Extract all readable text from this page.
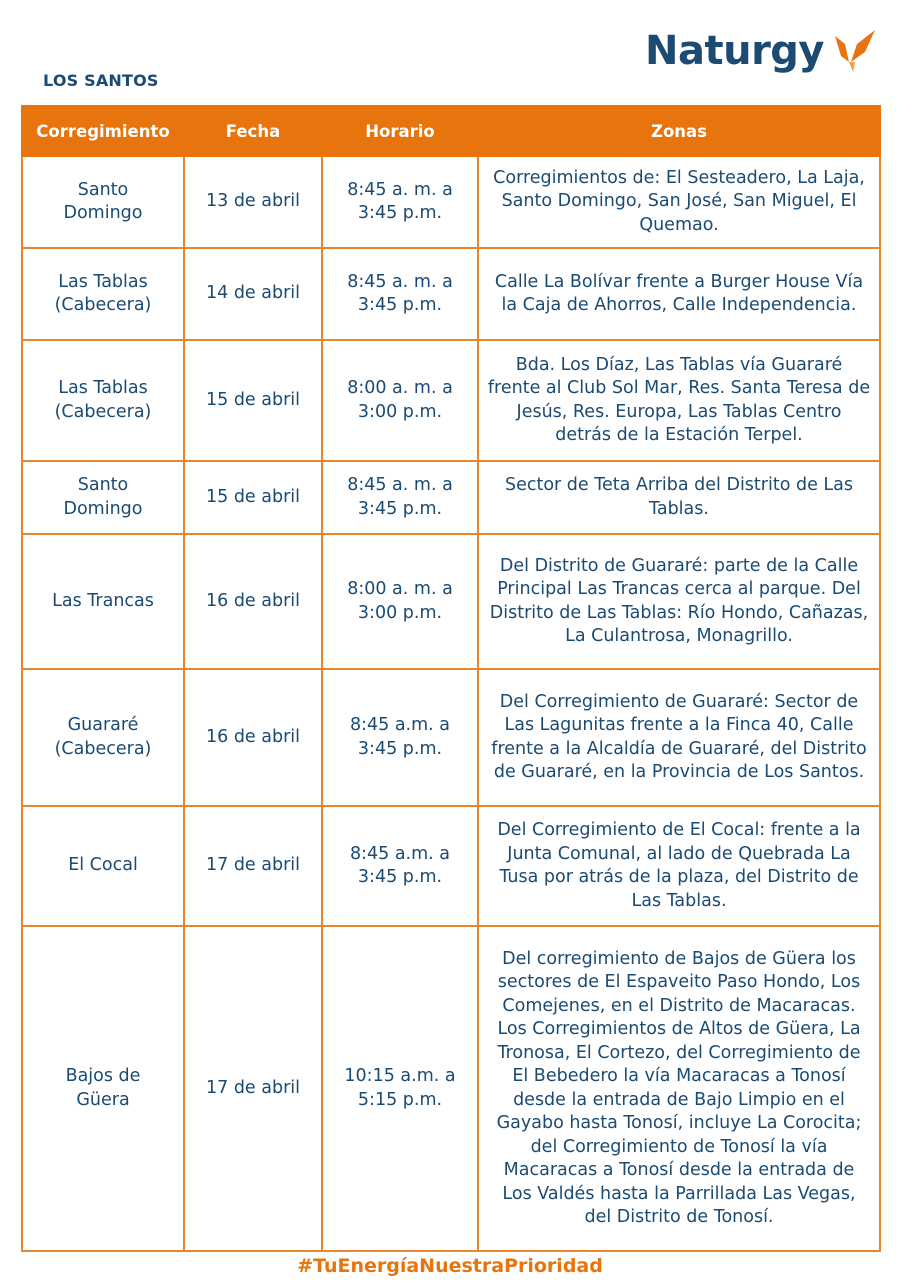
LOS SANTOS
Naturgy
Corregimiento	Fecha	Horario	Zonas
Santo Domingo	13 de abril	8:45 a. m. a 3:45 p.m.	Corregimientos de: El Sesteadero, La Laja, Santo Domingo, San José, San Miguel, El Quemao.
Las Tablas (Cabecera)	14 de abril	8:45 a. m. a 3:45 p.m.	Calle La Bolívar frente a Burger House Vía la Caja de Ahorros, Calle Independencia.
Las Tablas (Cabecera)	15 de abril	8:00 a. m. a 3:00 p.m.	Bda. Los Díaz, Las Tablas vía Guararé frente al Club Sol Mar, Res. Santa Teresa de Jesús, Res. Europa, Las Tablas Centro detrás de la Estación Terpel.
Santo Domingo	15 de abril	8:45 a. m. a 3:45 p.m.	Sector de Teta Arriba del Distrito de Las Tablas.
Las Trancas	16 de abril	8:00 a. m. a 3:00 p.m.	Del Distrito de Guararé: parte de la Calle Principal Las Trancas cerca al parque. Del Distrito de Las Tablas: Río Hondo, Cañazas, La Culantrosa, Monagrillo.
Guararé (Cabecera)	16 de abril	8:45 a.m. a 3:45 p.m.	Del Corregimiento de Guararé: Sector de Las Lagunitas frente a la Finca 40, Calle frente a la Alcaldía de Guararé, del Distrito de Guararé, en la Provincia de Los Santos.
El Cocal	17 de abril	8:45 a.m. a 3:45 p.m.	Del Corregimiento de El Cocal: frente a la Junta Comunal, al lado de Quebrada La Tusa por atrás de la plaza, del Distrito de Las Tablas.
Bajos de Güera	17 de abril	10:15 a.m. a 5:15 p.m.	Del corregimiento de Bajos de Güera los sectores de El Espaveito Paso Hondo, Los Comejenes, en el Distrito de Macaracas. Los Corregimientos de Altos de Güera, La Tronosa, El Cortezo, del Corregimiento de El Bebedero la vía Macaracas a Tonosí desde la entrada de Bajo Limpio en el Gayabo hasta Tonosí, incluye La Corocita; del Corregimiento de Tonosí la vía Macaracas a Tonosí desde la entrada de Los Valdés hasta la Parrillada Las Vegas, del Distrito de Tonosí.
#TuEnergíaNuestraPrioridad
